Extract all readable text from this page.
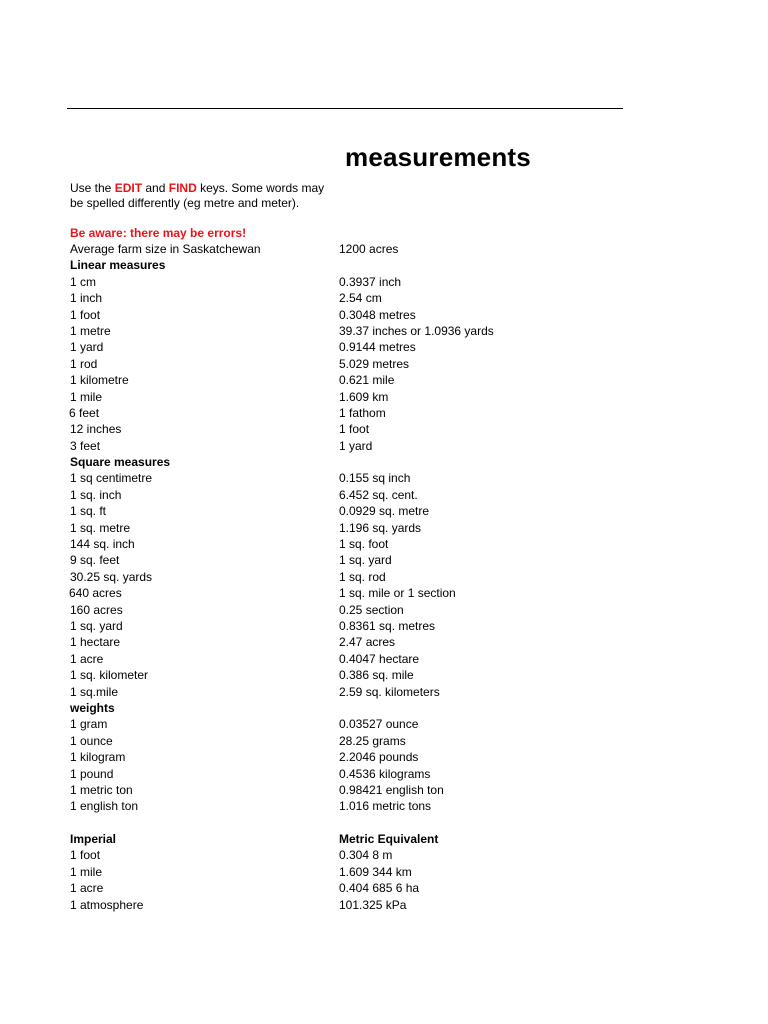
measurements
Use the EDIT and FIND keys. Some words may be spelled differently (eg metre and meter).
Be aware: there may be errors!
Average farm size in Saskatchewan	1200 acres
Linear measures
1 cm	0.3937 inch
1 inch	2.54 cm
1 foot	0.3048 metres
1 metre	39.37 inches or 1.0936 yards
1 yard	0.9144 metres
1 rod	5.029 metres
1 kilometre	0.621 mile
1 mile	1.609 km
6 feet	1 fathom
12 inches	1 foot
3 feet	1 yard
Square measures
1 sq centimetre	0.155 sq inch
1 sq. inch	6.452 sq. cent.
1 sq. ft	0.0929 sq. metre
1 sq. metre	1.196 sq. yards
144 sq. inch	1 sq. foot
9 sq. feet	1 sq. yard
30.25 sq. yards	1 sq. rod
640 acres	1 sq. mile or 1 section
160 acres	0.25 section
1 sq. yard	0.8361 sq. metres
1 hectare	2.47 acres
1 acre	0.4047 hectare
1 sq. kilometer	0.386 sq. mile
1 sq.mile	2.59 sq. kilometers
weights
1 gram	0.03527 ounce
1 ounce	28.25 grams
1 kilogram	2.2046 pounds
1 pound	0.4536 kilograms
1 metric ton	0.98421 english ton
1 english ton	1.016 metric tons
Imperial	Metric Equivalent
1 foot	0.304 8 m
1 mile	1.609 344 km
1 acre	0.404 685 6 ha
1 atmosphere	101.325 kPa
